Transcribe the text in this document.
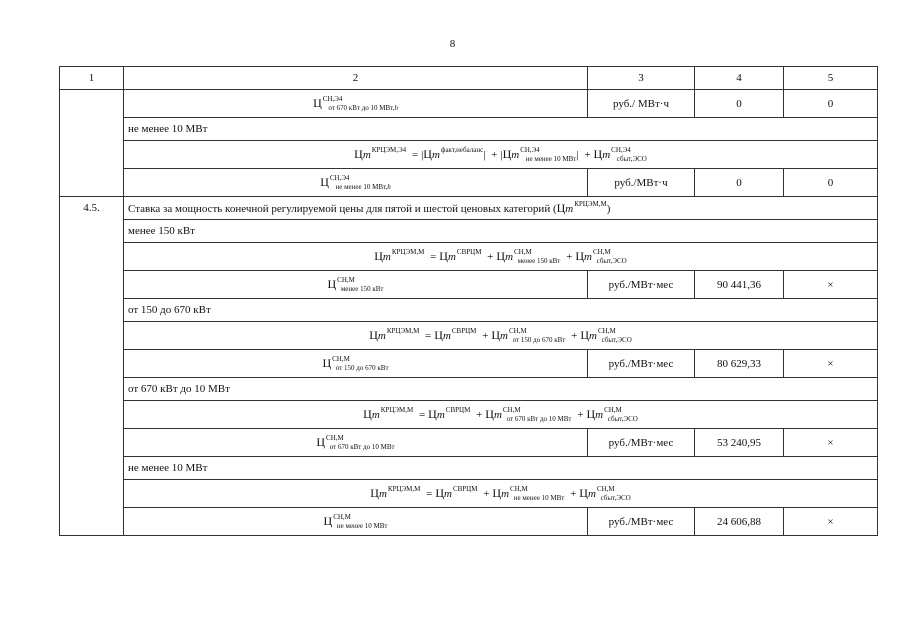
8
1	2	3	4	5
	$Ц^{СН,Э4}_{от 670 кВт до 10 МВт,h}$	руб./ МВт·ч	0	0
	не менее 10 МВт			
	$Цm^{КРЦЭМ,Э4} = |Цm^{факт,небаланс}| + |Цm^{СН,Э4}_{не менее 10 МВт}| + Цm^{СН,Э4}_{сбыт,ЭСО}$
	$Ц^{СН,Э4}_{не менее 10 МВт,h}$	руб./МВт·ч	0	0
4.5.	Ставка за мощность конечной регулируемой цены для пятой и шестой ценовых категорий $(Цm^{КРЦЭМ,М})$			
	менее 150 кВт			
	$Цm^{КРЦЭМ,М} = Цm^{СВРЦМ} + Цm^{СН,М}_{менее 150 кВт} + Цm^{СН,М}_{сбыт,ЭСО}$
	$Ц^{СН,М}_{менее 150 кВт}$	руб./МВт·мес	90 441,36	×
	от 150 до 670 кВт			
	$Цm^{КРЦЭМ,М} = Цm^{СВРЦМ} + Цm^{СН,М}_{от 150 до 670 кВт} + Цm^{СН,М}_{сбыт,ЭСО}$
	$Ц^{СН,М}_{от 150 до 670 кВт}$	руб./МВт·мес	80 629,33	×
	от 670 кВт до 10 МВт			
	$Цm^{КРЦЭМ,М} = Цm^{СВРЦМ} + Цm^{СН,М}_{от 670 кВт до 10 МВт} + Цm^{СН,М}_{сбыт,ЭСО}$
	$Ц^{СН,М}_{от 670 кВт до 10 МВт}$	руб./МВт·мес	53 240,95	×
	не менее 10 МВт			
	$Цm^{КРЦЭМ,М} = Цm^{СВРЦМ} + Цm^{СН,М}_{не менее 10 МВт} + Цm^{СН,М}_{сбыт,ЭСО}$
	$Ц^{СН,М}_{не менее 10 МВт}$	руб./МВт·мес	24 606,88	×
